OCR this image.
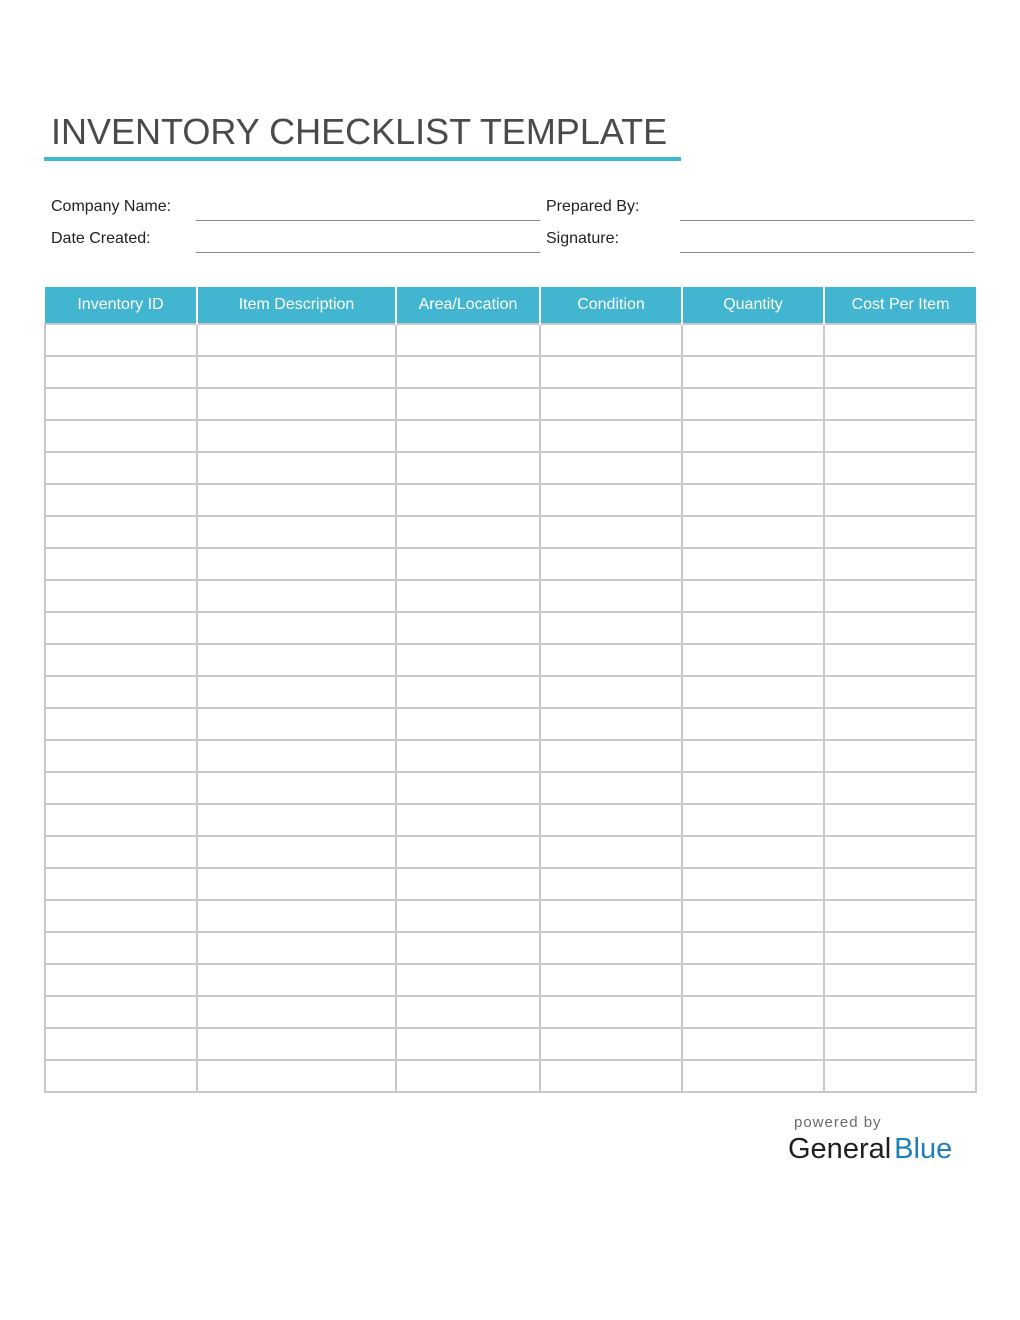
INVENTORY CHECKLIST TEMPLATE
Company Name:
Date Created:
Prepared By:
Signature:
Inventory ID	Item Description	Area/Location	Condition	Quantity	Cost Per Item

powered by
General Blue
